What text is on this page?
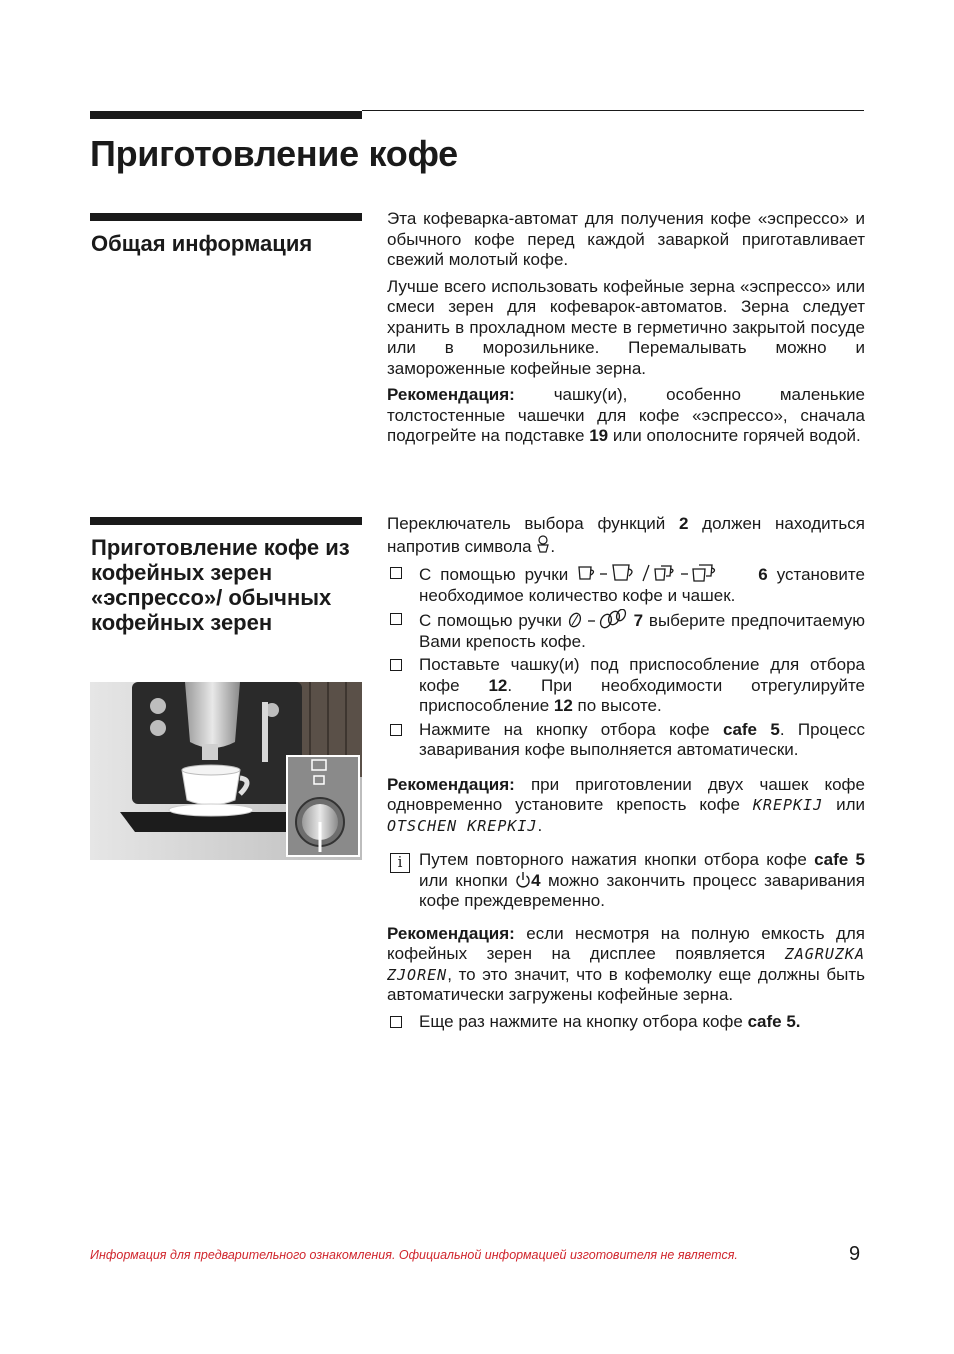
Приготовление кофе
Общая информация

Эта кофеварка-автомат для получения кофе «эспрессо» и обычного кофе перед каждой заваркой приготавливает свежий молотый кофе.

Лучше всего использовать кофейные зерна «эспрессо» или смеси зерен для кофеварок-автоматов. Зерна следует хранить в прохладном месте в герметично закрытой посуде или в морозильнике. Перемалывать можно и замороженные кофейные зерна.

Рекомендация: чашку(и), особенно маленькие толстостенные чашечки для кофе «эспрессо», сначала подогрейте на подставке 19 или ополосните горячей водой.

Приготовление кофе из кофейных зерен «эспрессо»/ обычных кофейных зерен

Переключатель выбора функций 2 должен находиться напротив символа .

С помощью ручки	6 установите необходимое количество кофе и чашек.
С помощью ручки	7 выберите предпочитаемую Вами крепость кофе.
Поставьте чашку(и) под приспособление для отбора кофе 12. При необходимости отрегулируйте приспособление 12 по высоте.
Нажмите на кнопку отбора кофе cafe 5. Процесс заваривания кофе выполняется автоматически.

Рекомендация: при приготовлении двух чашек кофе одновременно установите крепость кофе KREPKIJ или OTSCHEN KREPKIJ.

i Путем повторного нажатия кнопки отбора кофе cafe 5 или кнопки 4 можно закончить процесс заваривания кофе преждевременно.

Рекомендация: если несмотря на полную емкость для кофейных зерен на дисплее появляется ZAGRUZKA ZJOREN, то это значит, что в кофемолку еще должны быть автоматически загружены кофейные зерна.

Еще раз нажмите на кнопку отбора кофе cafe 5.
Информация для предварительного ознакомления. Официальной информацией изготовителя не является.	9
